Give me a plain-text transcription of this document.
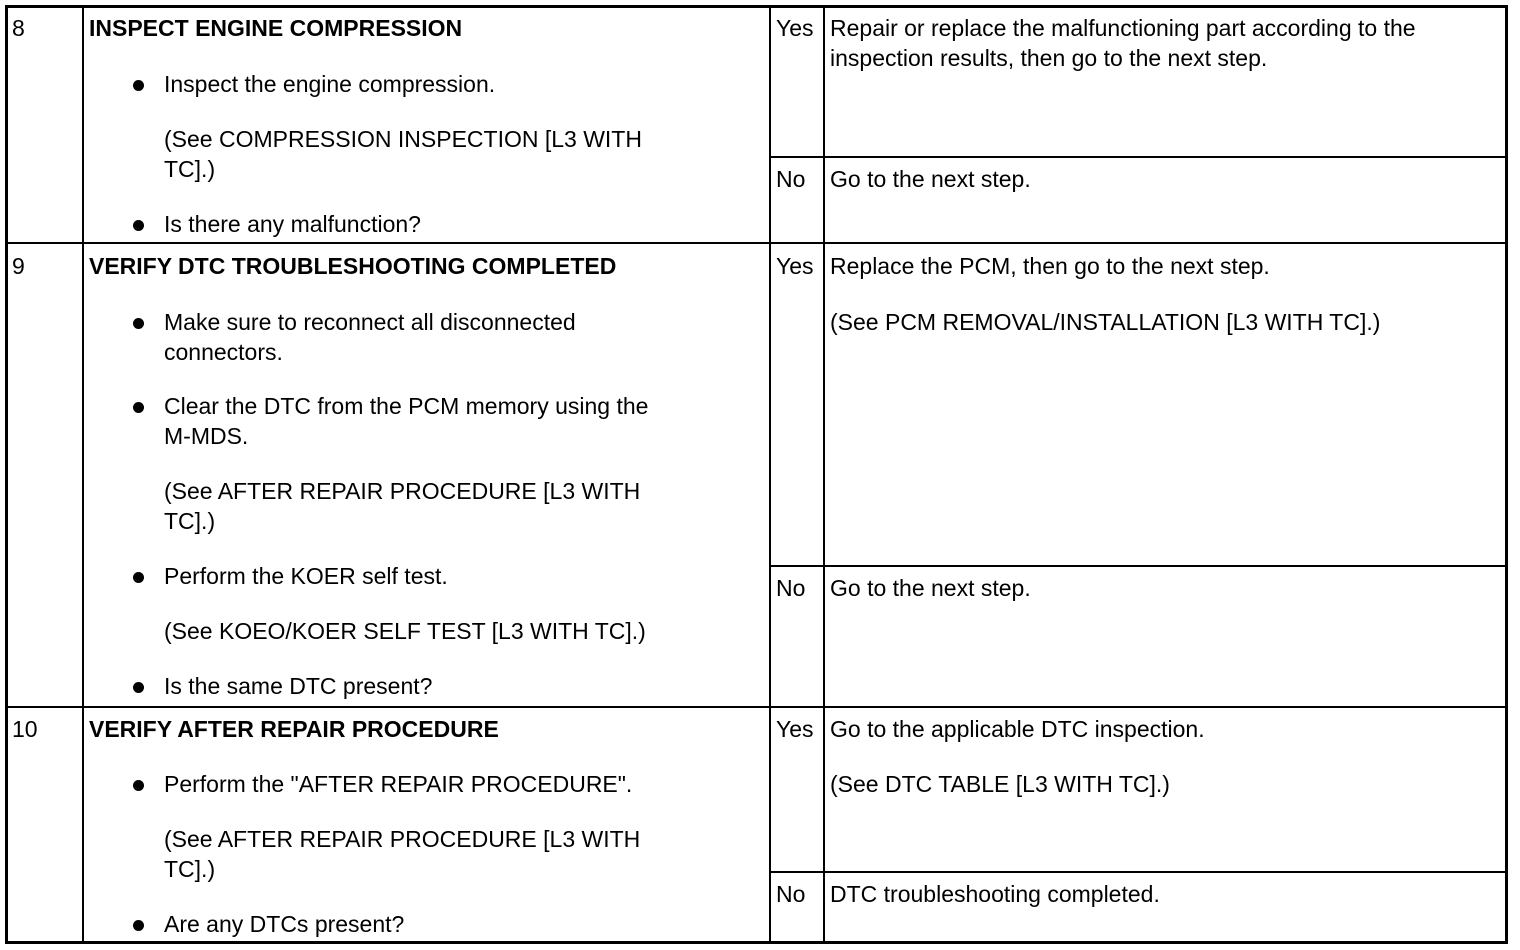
8	INSPECT ENGINE COMPRESSION
Inspect the engine compression.
(See COMPRESSION INSPECTION [L3 WITH
TC].)
Is there any malfunction?
Yes Repair or replace the malfunctioning part according to the
inspection results, then go to the next step.
No Go to the next step.
9	VERIFY DTC TROUBLESHOOTING COMPLETED
Make sure to reconnect all disconnected
connectors.
Clear the DTC from the PCM memory using the
M-MDS.
(See AFTER REPAIR PROCEDURE [L3 WITH
TC].)
Perform the KOER self test.
(See KOEO/KOER SELF TEST [L3 WITH TC].)
Is the same DTC present?
Yes Replace the PCM, then go to the next step.
(See PCM REMOVAL/INSTALLATION [L3 WITH TC].)
No Go to the next step.
10 VERIFY AFTER REPAIR PROCEDURE
Perform the "AFTER REPAIR PROCEDURE".
(See AFTER REPAIR PROCEDURE [L3 WITH
TC].)
Are any DTCs present?
Yes Go to the applicable DTC inspection.
(See DTC TABLE [L3 WITH TC].)
No DTC troubleshooting completed.
